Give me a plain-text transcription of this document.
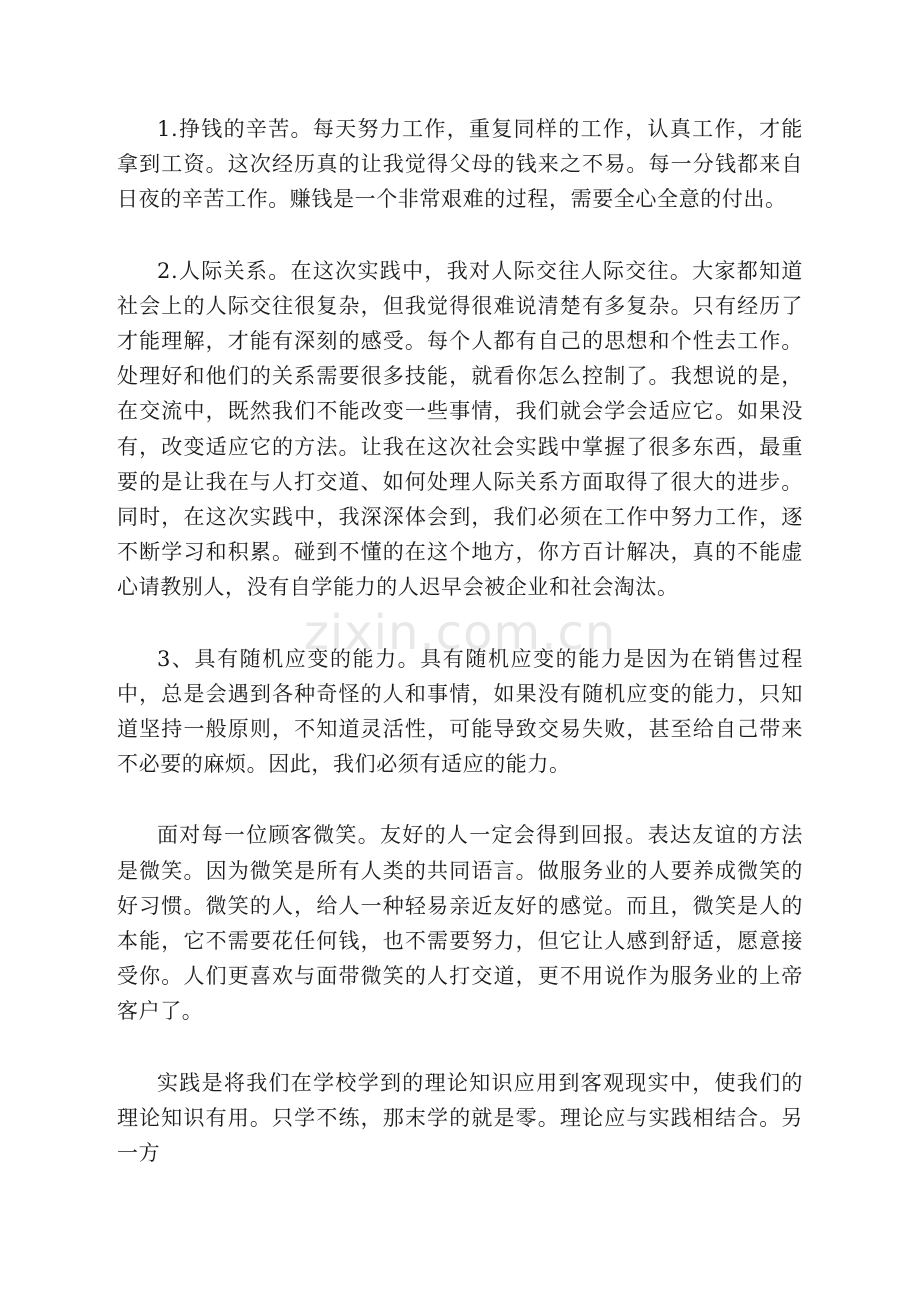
1.挣钱的辛苦。每天努力工作，重复同样的工作，认真工作，才能拿到工资。这次经历真的让我觉得父母的钱来之不易。每一分钱都来自日夜的辛苦工作。赚钱是一个非常艰难的过程，需要全心全意的付出。

2.人际关系。在这次实践中，我对人际交往人际交往。大家都知道社会上的人际交往很复杂，但我觉得很难说清楚有多复杂。只有经历了才能理解，才能有深刻的感受。每个人都有自己的思想和个性去工作。处理好和他们的关系需要很多技能，就看你怎么控制了。我想说的是，在交流中，既然我们不能改变一些事情，我们就会学会适应它。如果没有，改变适应它的方法。让我在这次社会实践中掌握了很多东西，最重要的是让我在与人打交道、如何处理人际关系方面取得了很大的进步。同时，在这次实践中，我深深体会到，我们必须在工作中努力工作，逐不断学习和积累。碰到不懂的在这个地方，你方百计解决，真的不能虚心请教别人，没有自学能力的人迟早会被企业和社会淘汰。

3、具有随机应变的能力。具有随机应变的能力是因为在销售过程中，总是会遇到各种奇怪的人和事情，如果没有随机应变的能力，只知道坚持一般原则，不知道灵活性，可能导致交易失败，甚至给自己带来不必要的麻烦。因此，我们必须有适应的能力。

面对每一位顾客微笑。友好的人一定会得到回报。表达友谊的方法是微笑。因为微笑是所有人类的共同语言。做服务业的人要养成微笑的好习惯。微笑的人，给人一种轻易亲近友好的感觉。而且，微笑是人的本能，它不需要花任何钱，也不需要努力，但它让人感到舒适，愿意接受你。人们更喜欢与面带微笑的人打交道，更不用说作为服务业的上帝客户了。

实践是将我们在学校学到的理论知识应用到客观现实中，使我们的理论知识有用。只学不练，那末学的就是零。理论应与实践相结合。另一方

zixin.com.cn
